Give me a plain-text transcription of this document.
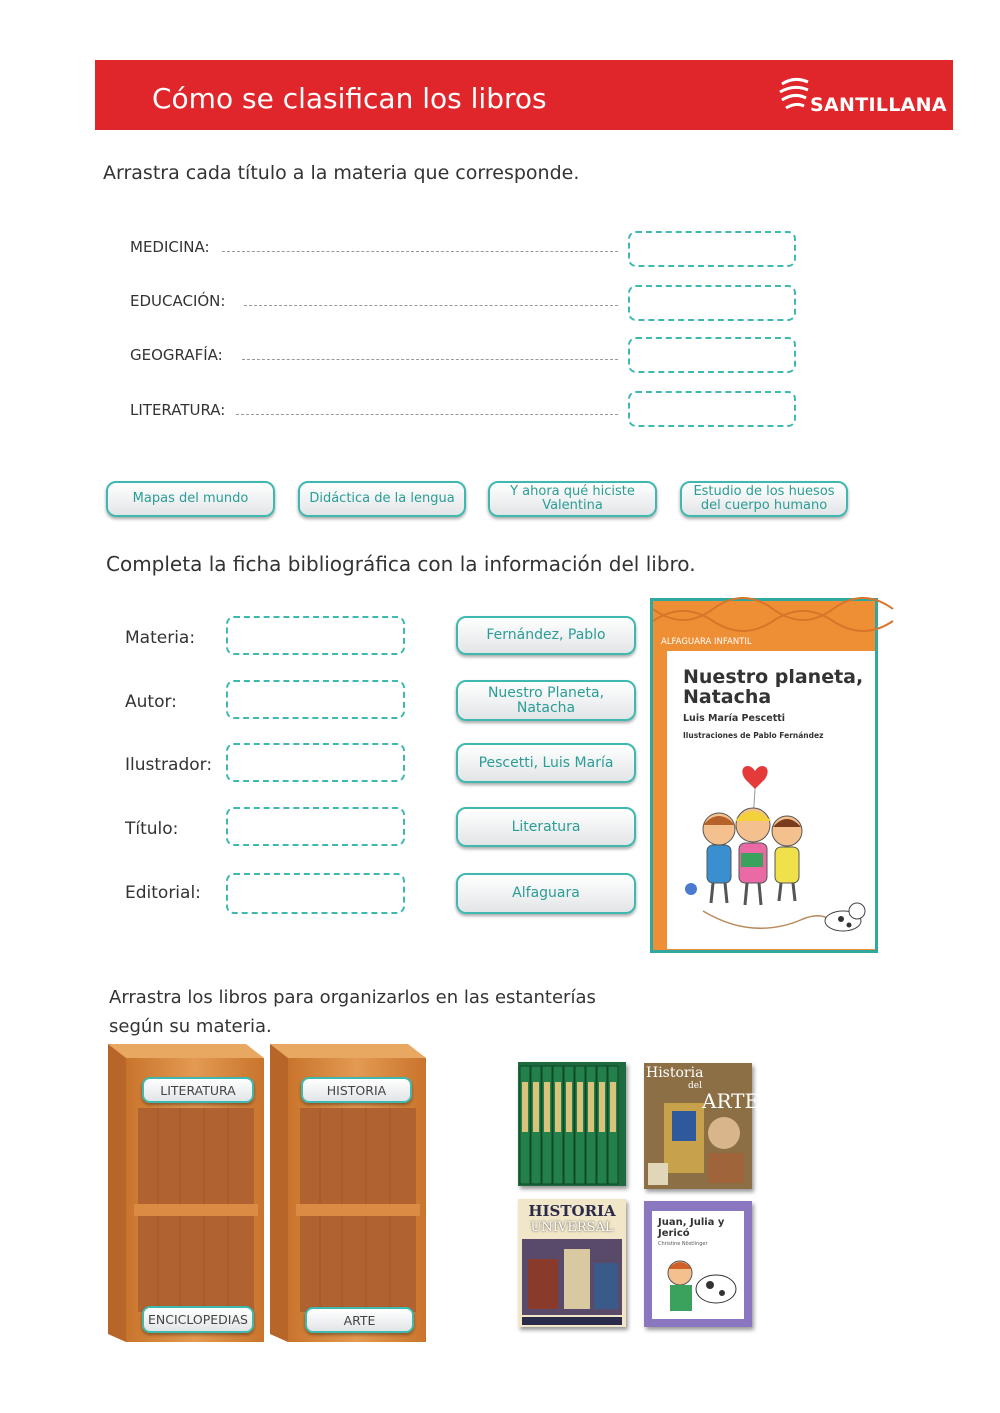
Cómo se clasifican los libros	SANTILLANA
Arrastra cada título a la materia que corresponde.
MEDICINA:
EDUCACIÓN:
GEOGRAFÍA:
LITERATURA:
Mapas del mundo	Didáctica de la lengua	Y ahora qué hiciste Valentina
Estudio de los huesos del cuerpo humano
Completa la ficha bibliográfica con la información del libro.
Materia:
Autor:
Ilustrador:
Título:
Editorial:
Fernández, Pablo
Nuestro Planeta, Natacha
Pescetti, Luis María
Literatura
Alfaguara
ALFAGUARA INFANTIL
Nuestro planeta, Natacha
Luis María Pescetti
Ilustraciones de Pablo Fernández
Arrastra los libros para organizarlos en las estanterías
según su materia.
LITERATURA
ENCICLOPEDIAS
HISTORIA
ARTE
Historia
del
ARTE
HISTORIA
UNIVERSAL	Juan, Julia y Jericó
Christine Nöstlinger
